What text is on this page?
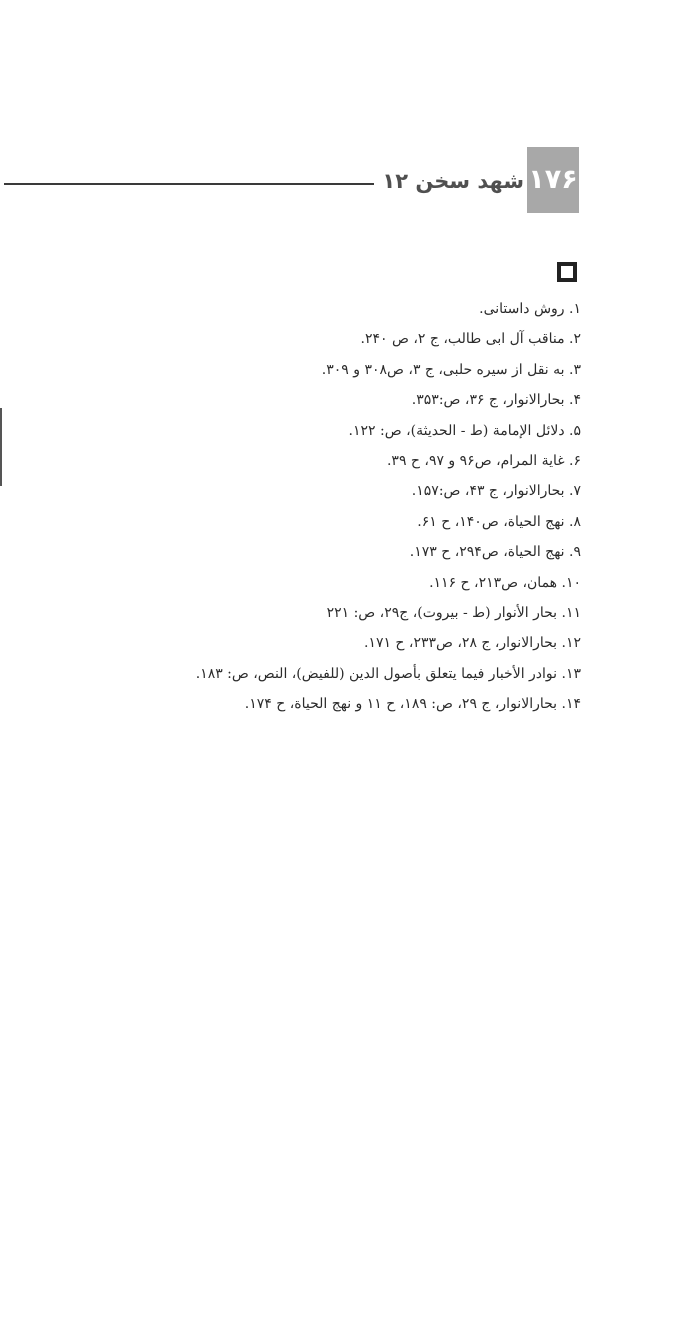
شهد سخن ۱۲ ۱۷۶
۱. روش داستانی.
۲. مناقب آل ابی طالب، ج ۲، ص ۲۴۰.
۳. به نقل از سیره حلبی، ج ۳، ص۳۰۸ و ۳۰۹.
۴. بحارالانوار، ج ۳۶، ص:۳۵۳.
۵. دلائل الإمامة (ط - الحديثة)، ص: ۱۲۲.
۶. غاية المرام، ص۹۶ و ۹۷، ح ۳۹.
۷. بحارالانوار، ج ۴۳، ص:۱۵۷.
۸. نهج الحیاة، ص۱۴۰، ح ۶۱.
۹. نهج الحیاة، ص۲۹۴، ح ۱۷۳.
۱۰. همان، ص۲۱۳، ح ۱۱۶.
۱۱. بحار الأنوار (ط - بيروت)، ج۲۹، ص: ۲۲۱
۱۲. بحارالانوار، ج ۲۸، ص۲۳۳، ح ۱۷۱.
۱۳. نوادر الأخبار فيما يتعلق بأصول الدين (للفيض)، النص، ص: ۱۸۳.
۱۴. بحارالانوار، ج ۲۹، ص: ۱۸۹، ح ۱۱ و نهج الحیاة، ح ۱۷۴.
